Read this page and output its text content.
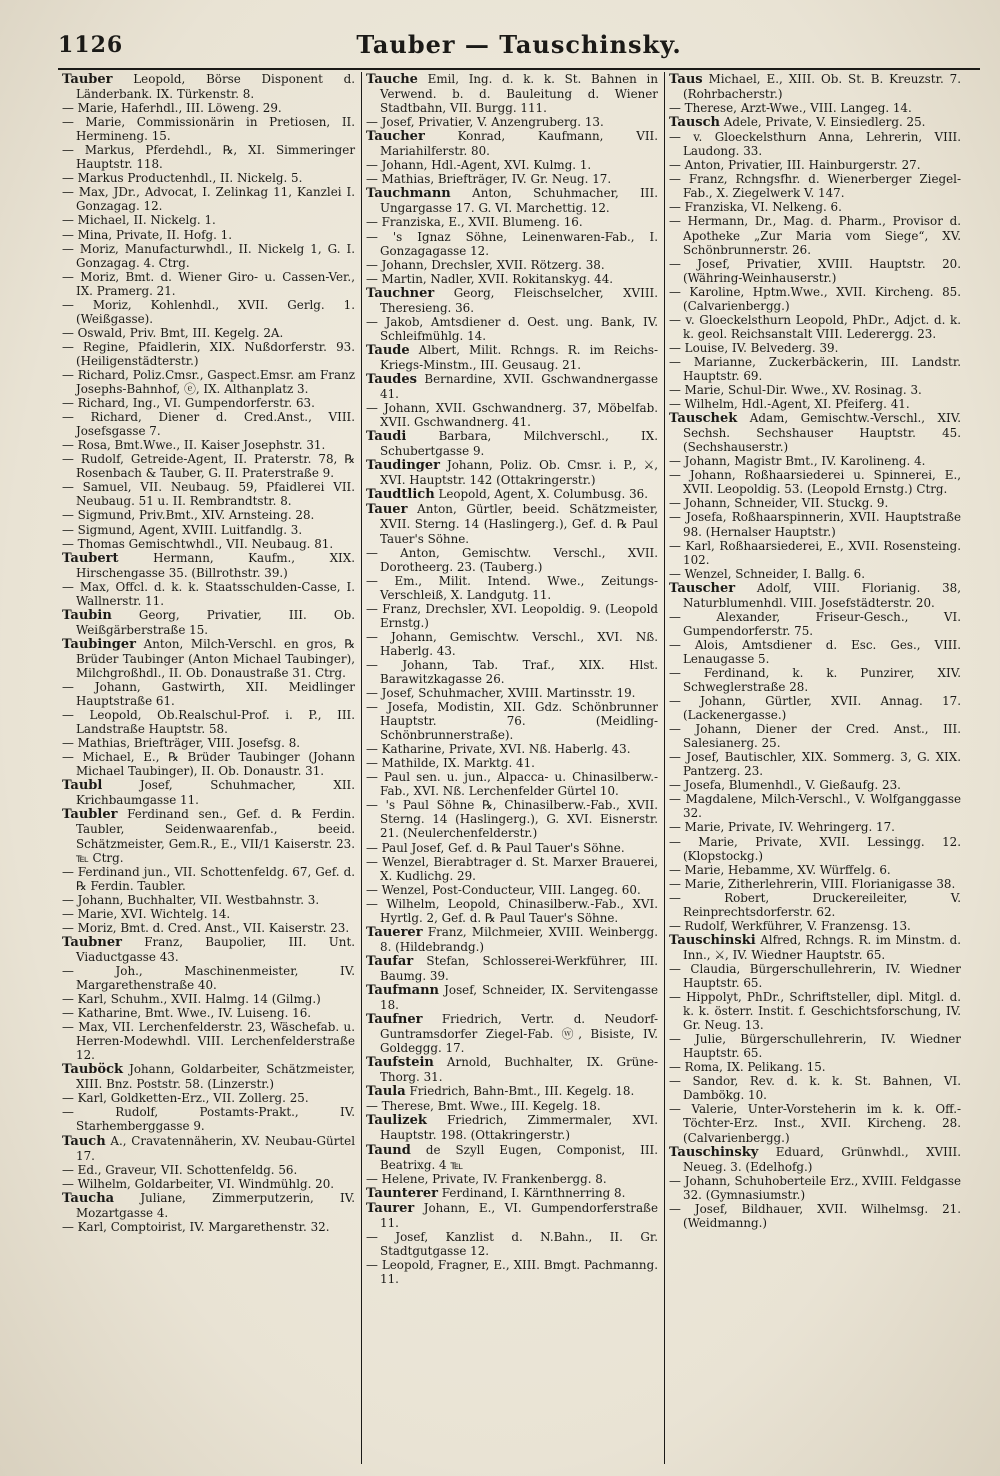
1126	Tauber — Tauschinsky.
Tauber Leopold, Börse Disponent d. Länderbank. IX. Türkenstr. 8.
— Marie, Haferhdl., III. Löweng. 29.
— Marie, Commissionärin in Pretiosen, II. Hermineng. 15.
— Markus, Pferdehdl., ℞, XI. Simmeringer Hauptstr. 118.
— Markus Productenhdl., II. Nickelg. 5.
— Max, JDr., Advocat, I. Zelinkag 11, Kanzlei I. Gonzagag. 12.
— Michael, II. Nickelg. 1.
— Mina, Private, II. Hofg. 1.
— Moriz, Manufacturwhdl., II. Nickelg 1, G. I. Gonzagag. 4. Ctrg.
— Moriz, Bmt. d. Wiener Giro- u. Cassen-Ver., IX. Pramerg. 21.
— Moriz, Kohlenhdl., XVII. Gerlg. 1. (Weißgasse).
— Oswald, Priv. Bmt, III. Kegelg. 2A.
— Regine, Pfaidlerin, XIX. Nußdorferstr. 93. (Heiligenstädterstr.)
— Richard, Poliz.Cmsr., Gaspect.Emsr. am Franz Josephs-Bahnhof, ⓔ, IX. Althanplatz 3.
— Richard, Ing., VI. Gumpendorferstr. 63.
— Richard, Diener d. Cred.Anst., VIII. Josefsgasse 7.
— Rosa, Bmt.Wwe., II. Kaiser Josephstr. 31.
— Rudolf, Getreide-Agent, II. Praterstr. 78, ℞ Rosenbach & Tauber, G. II. Praterstraße 9.
— Samuel, VII. Neubaug. 59, Pfaidlerei VII. Neubaug. 51 u. II. Rembrandtstr. 8.
— Sigmund, Priv.Bmt., XIV. Arnsteing. 28.
— Sigmund, Agent, XVIII. Luitfandlg. 3.
— Thomas Gemischtwhdl., VII. Neubaug. 81.
Taubert	Hermann, Kaufm., XIX. Hirschengasse 35. (Billrothstr. 39.)
— Max, Offcl. d. k. k. Staatsschulden-Casse, I. Wallnerstr. 11.
Taubin Georg, Privatier, III. Ob. Weißgärberstraße 15.
Taubinger Anton, Milch-Verschl. en gros, ℞ Brüder Taubinger (Anton Michael Taubinger), Milchgroßhdl., II. Ob. Donaustraße 31. Ctrg.
— Johann, Gastwirth, XII. Meidlinger Hauptstraße 61.
— Leopold, Ob.Realschul-Prof. i. P., III. Landstraße Hauptstr. 58.
— Mathias, Briefträger, VIII. Josefsg. 8.
— Michael, E., ℞ Brüder Taubinger (Johann Michael Taubinger), II. Ob. Donaustr. 31.
Taubl	Josef, Schuhmacher, XII. Krichbaumgasse 11.
Taubler Ferdinand sen., Gef. d. ℞ Ferdin. Taubler, Seidenwaarenfab., beeid. Schätzmeister, Gem.R., E., VII/1 Kaiserstr. 23. ℡ Ctrg.
— Ferdinand jun., VII. Schottenfeldg. 67, Gef. d. ℞ Ferdin. Taubler.
— Johann, Buchhalter, VII. Westbahnstr. 3.
— Marie, XVI. Wichtelg. 14.
— Moriz, Bmt. d. Cred. Anst., VII. Kaiserstr. 23.
Taubner Franz, Baupolier, III. Unt. Viaductgasse 43.
— Joh., Maschinenmeister, IV. Margarethenstraße 40.
— Karl, Schuhm., XVII. Halmg. 14 (Gilmg.)
— Katharine, Bmt. Wwe., IV. Luiseng. 16.
— Max, VII. Lerchenfelderstr. 23, Wäschefab. u. Herren-Modewhdl. VIII. Lerchenfelderstraße 12.
Tauböck Johann, Goldarbeiter, Schätzmeister, XIII. Bnz. Poststr. 58. (Linzerstr.)
— Karl, Goldketten-Erz., VII. Zollerg. 25.
— Rudolf, Postamts-Prakt., IV. Starhemberggasse 9.
Tauch A., Cravatennäherin, XV. Neubau-Gürtel 17.
— Ed., Graveur, VII. Schottenfeldg. 56.
— Wilhelm, Goldarbeiter, VI. Windmühlg. 20.
Taucha Juliane, Zimmerputzerin, IV. Mozartgasse 4.
— Karl, Comptoirist, IV. Margarethenstr. 32.
Tauche Emil, Ing. d. k. k. St. Bahnen in Verwend. b. d. Bauleitung d. Wiener Stadtbahn, VII. Burgg. 111.
— Josef, Privatier, V. Anzengruberg. 13.
Taucher	Konrad, Kaufmann, VII. Mariahilferstr. 80.
— Johann, Hdl.-Agent, XVI. Kulmg. 1.
— Mathias, Briefträger, IV. Gr. Neug. 17.
Tauchmann Anton, Schuhmacher, III. Ungargasse 17. G. VI. Marchettig. 12.
— Franziska, E., XVII. Blumeng. 16.
— 's Ignaz Söhne, Leinenwaren-Fab., I. Gonzagagasse 12.
— Johann, Drechsler, XVII. Rötzerg. 38.
— Martin, Nadler, XVII. Rokitanskyg. 44.
Tauchner Georg, Fleischselcher, XVIII. Theresieng. 36.
— Jakob, Amtsdiener d. Oest. ung. Bank, IV. Schleifmühlg. 14.
Taude Albert, Milit. Rchngs. R. im Reichs-Kriegs-Minstm., III. Geusaug. 21.
Taudes Bernardine, XVII. Gschwandnergasse 41.
— Johann, XVII. Gschwandnerg. 37, Möbelfab. XVII. Gschwandnerg. 41.
Taudi	Barbara, Milchverschl., IX. Schubertgasse 9.
Taudinger Johann, Poliz. Ob. Cmsr. i. P., ⚔, XVI. Hauptstr. 142 (Ottakringerstr.)
Taudtlich Leopold, Agent, X. Columbusg. 36.
Tauer Anton, Gürtler, beeid. Schätzmeister, XVII. Sterng. 14 (Haslingerg.), Gef. d. ℞ Paul Tauer's Söhne.
— Anton, Gemischtw. Verschl., XVII. Dorotheerg. 23. (Tauberg.)
— Em., Milit. Intend. Wwe., Zeitungs-Verschleiß, X. Landgutg. 11.
— Franz, Drechsler, XVI. Leopoldig. 9. (Leopold Ernstg.)
— Johann, Gemischtw. Verschl., XVI. Nß. Haberlg. 43.
— Johann, Tab. Traf., XIX. Hlst. Barawitzkagasse 26.
— Josef, Schuhmacher, XVIII. Martinsstr. 19.
— Josefa, Modistin, XII. Gdz. Schönbrunner Hauptstr. 76. (Meidling-Schönbrunnerstraße).
— Katharine, Private, XVI. Nß. Haberlg. 43.
— Mathilde, IX. Marktg. 41.
— Paul sen. u. jun., Alpacca- u. Chinasilberw.-Fab., XVI. Nß. Lerchenfelder Gürtel 10.
— 's Paul Söhne ℞, Chinasilberw.-Fab., XVII. Sterng. 14 (Haslingerg.), G. XVI. Eisnerstr. 21. (Neulerchenfelderstr.)
— Paul Josef, Gef. d. ℞ Paul Tauer's Söhne.
— Wenzel, Bierabtrager d. St. Marxer Brauerei, X. Kudlichg. 29.
— Wenzel, Post-Conducteur, VIII. Langeg. 60.
— Wilhelm, Leopold, Chinasilberw.-Fab., XVI. Hyrtlg. 2, Gef. d. ℞ Paul Tauer's Söhne.
Tauerer Franz, Milchmeier, XVIII. Weinbergg. 8. (Hildebrandg.)
Taufar Stefan, Schlosserei-Werkführer, III. Baumg. 39.
Taufmann Josef, Schneider, IX. Servitengasse 18.
Taufner Friedrich, Vertr. d. Neudorf-Guntramsdorfer Ziegel-Fab. ⓦ, Bisiste, IV. Goldeggg. 17.
Taufstein Arnold, Buchhalter, IX. Grüne-Thorg. 31.
Taula Friedrich, Bahn-Bmt., III. Kegelg. 18.
— Therese, Bmt. Wwe., III. Kegelg. 18.
Taulizek Friedrich, Zimmermaler, XVI. Hauptstr. 198. (Ottakringerstr.)
Taund de Szyll Eugen, Componist, III. Beatrixg. 4 ℡
— Helene, Private, IV. Frankenbergg. 8.
Taunterer Ferdinand, I. Kärnthnerring 8.
Taurer Johann, E., VI. Gumpendorferstraße 11.
— Josef, Kanzlist d. N.Bahn., II. Gr. Stadtgutgasse 12.
— Leopold, Fragner, E., XIII. Bmgt. Pachmanng. 11.
Taus Michael, E., XIII. Ob. St. B. Kreuzstr. 7. (Rohrbacherstr.)
— Therese, Arzt-Wwe., VIII. Langeg. 14.
Tausch Adele, Private, V. Einsiedlerg. 25.
— v. Gloeckelsthurn Anna, Lehrerin, VIII. Laudong. 33.
— Anton, Privatier, III. Hainburgerstr. 27.
— Franz, Rchngsfhr. d. Wienerberger Ziegel-Fab., X. Ziegelwerk V. 147.
— Franziska, VI. Nelkeng. 6.
— Hermann, Dr., Mag. d. Pharm., Provisor d. Apotheke „Zur Maria vom Siege“, XV. Schönbrunnerstr. 26.
— Josef, Privatier, XVIII. Hauptstr. 20. (Währing-Weinhauserstr.)
— Karoline, Hptm.Wwe., XVII. Kircheng. 85. (Calvarienbergg.)
— v. Gloeckelsthurn Leopold, PhDr., Adjct. d. k. k. geol. Reichsanstalt VIII. Lederergg. 23.
— Louise, IV. Belvederg. 39.
— Marianne, Zuckerbäckerin, III. Landstr. Hauptstr. 69.
— Marie, Schul-Dir. Wwe., XV. Rosinag. 3.
— Wilhelm, Hdl.-Agent, XI. Pfeiferg. 41.
Tauschek Adam, Gemischtw.-Verschl., XIV. Sechsh. Sechshauser Hauptstr. 45. (Sechshauserstr.)
— Johann, Magistr Bmt., IV. Karolineng. 4.
— Johann, Roßhaarsiederei u. Spinnerei, E., XVII. Leopoldig. 53. (Leopold Ernstg.) Ctrg.
— Johann, Schneider, VII. Stuckg. 9.
— Josefa, Roßhaarspinnerin, XVII. Hauptstraße 98. (Hernalser Hauptstr.)
— Karl, Roßhaarsiederei, E., XVII. Rosensteing. 102.
— Wenzel, Schneider, I. Ballg. 6.
Tauscher Adolf, VIII. Florianig. 38, Naturblumenhdl. VIII. Josefstädterstr. 20.
— Alexander, Friseur-Gesch., VI. Gumpendorferstr. 75.
— Alois, Amtsdiener d. Esc. Ges., VIII. Lenaugasse 5.
— Ferdinand, k. k. Punzirer, XIV. Schweglerstraße 28.
— Johann, Gürtler, XVII. Annag. 17. (Lackenergasse.)
— Johann, Diener der Cred. Anst., III. Salesianerg. 25.
— Josef, Bautischler, XIX. Sommerg. 3, G. XIX. Pantzerg. 23.
— Josefa, Blumenhdl., V. Gießaufg. 23.
— Magdalene, Milch-Verschl., V. Wolfganggasse 32.
— Marie, Private, IV. Wehringerg. 17.
— Marie, Private, XVII. Lessingg. 12. (Klopstockg.)
— Marie, Hebamme, XV. Würffelg. 6.
— Marie, Zitherlehrerin, VIII. Florianigasse 38.
— Robert, Druckereileiter, V. Reinprechtsdorferstr. 62.
— Rudolf, Werkführer, V. Franzensg. 13.
Tauschinski Alfred, Rchngs. R. im Minstm. d. Inn., ⚔, IV. Wiedner Hauptstr. 65.
— Claudia, Bürgerschullehrerin, IV. Wiedner Hauptstr. 65.
— Hippolyt, PhDr., Schriftsteller, dipl. Mitgl. d. k. k. österr. Instit. f. Geschichtsforschung, IV. Gr. Neug. 13.
— Julie, Bürgerschullehrerin, IV. Wiedner Hauptstr. 65.
— Roma, IX. Pelikang. 15.
— Sandor, Rev. d. k. k. St. Bahnen, VI. Dambökg. 10.
— Valerie, Unter-Vorsteherin im k. k. Off.-Töchter-Erz. Inst., XVII. Kircheng. 28. (Calvarienbergg.)
Tauschinsky Eduard, Grünwhdl., XVIII. Neueg. 3. (Edelhofg.)
— Johann, Schuhoberteile Erz., XVIII. Feldgasse 32. (Gymnasiumstr.)
— Josef, Bildhauer, XVII. Wilhelmsg. 21. (Weidmanng.)
